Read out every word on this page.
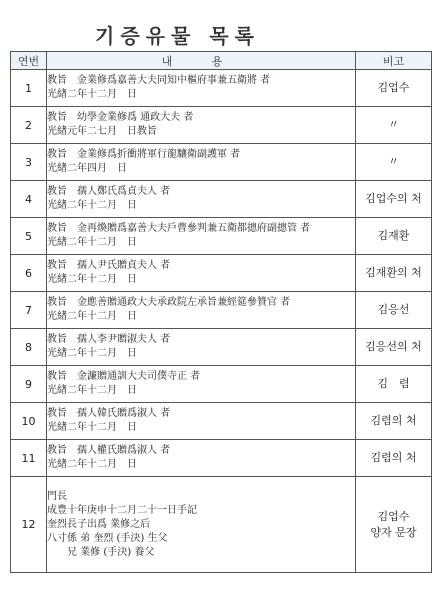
기증유물 목록
연번	내 용	비고
1	教旨　金業修爲嘉善大夫同知中樞府事兼五衛將 者
光緖二年十二月　日	김업수

2	教旨　幼學金業修爲 通政大夫 者
光緖元年二七月　日教旨	〃

3	教旨　金業修爲折衝將軍行龍驤衛副護軍 者
光緖二年四月　日	〃

4	教旨　孺人鄭氏爲貞夫人 者
光緖二年十二月　日	김업수의 처

5	教旨　金再煥贈爲嘉善大夫戶曹參判兼五衛都摠府副摠管 者
光緖二年十二月　日	김재환

6	教旨　孺人尹氏贈貞夫人 者
光緖二年十二月　日	김재환의 처

7	教旨　金應善贈通政大夫承政院左承旨兼經筵參贊官 者
光緖二年十二月　日	김응선

8	教旨　孺人李尹贈淑夫人 者
光緖二年十二月　日	김응선의 처

9	教旨　金濂贈通訓大夫司僕寺正 者
光緖二年十二月　日	김　렴

10	教旨　孺人韓氏贈爲淑人 者
光緖二年十二月　日	김렴의 처

11	教旨　孺人權氏贈爲淑人 者
光緖二年十二月　日	김렴의 처

12	門長
成豊十年庚申十二月二十一日手記
奎烈長子出爲 業修之后
八寸係 弟 奎烈 (手決) 生父
　　兄 業修 (手決) 養父	김업수
양자 문장
